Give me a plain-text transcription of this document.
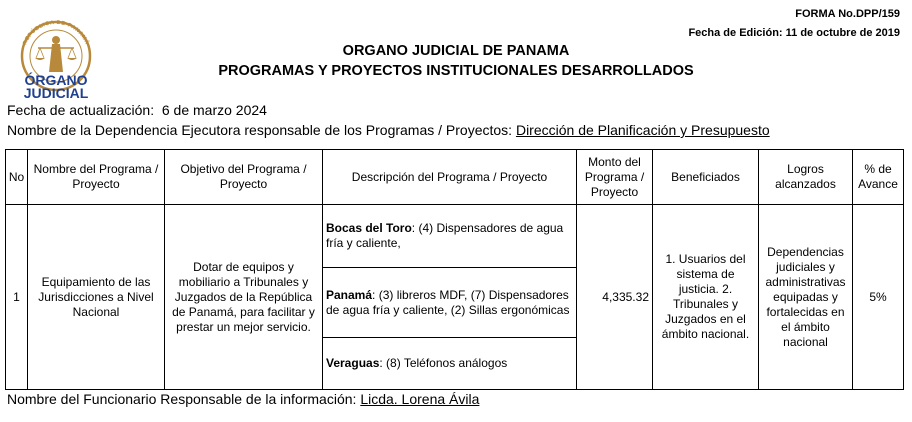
REPÚBLICA DE PANAMÁ
ÓRGANO
JUDICIAL
FORMA No.DPP/159
Fecha de Edición: 11 de octubre de 2019
ORGANO JUDICIAL DE PANAMA
PROGRAMAS Y PROYECTOS INSTITUCIONALES DESARROLLADOS
Fecha de actualización: 6 de marzo 2024
Nombre de la Dependencia Ejecutora responsable de los Programas / Proyectos: Dirección de Planificación y Presupuesto
No	Nombre del Programa / Proyecto	Objetivo del Programa / Proyecto	Descripción del Programa / Proyecto	Monto del Programa / Proyecto	Beneficiados	Logros alcanzados	% de Avance
1	Equipamiento de las Jurisdicciones a Nivel Nacional	Dotar de equipos y mobiliario a Tribunales y Juzgados de la República de Panamá, para facilitar y prestar un mejor servicio.	Bocas del Toro: (4) Dispensadores de agua fría y caliente,	4,335.32	1. Usuarios del sistema de justicia. 2. Tribunales y Juzgados en el ámbito nacional.	Dependencias judiciales y administrativas equipadas y fortalecidas en el ámbito nacional	5%
			Panamá: (3) libreros MDF, (7) Dispensadores de agua fría y caliente, (2) Sillas ergonómicas				
			Veraguas: (8) Teléfonos análogos				
Nombre del Funcionario Responsable de la información: Licda. Lorena Ávila
